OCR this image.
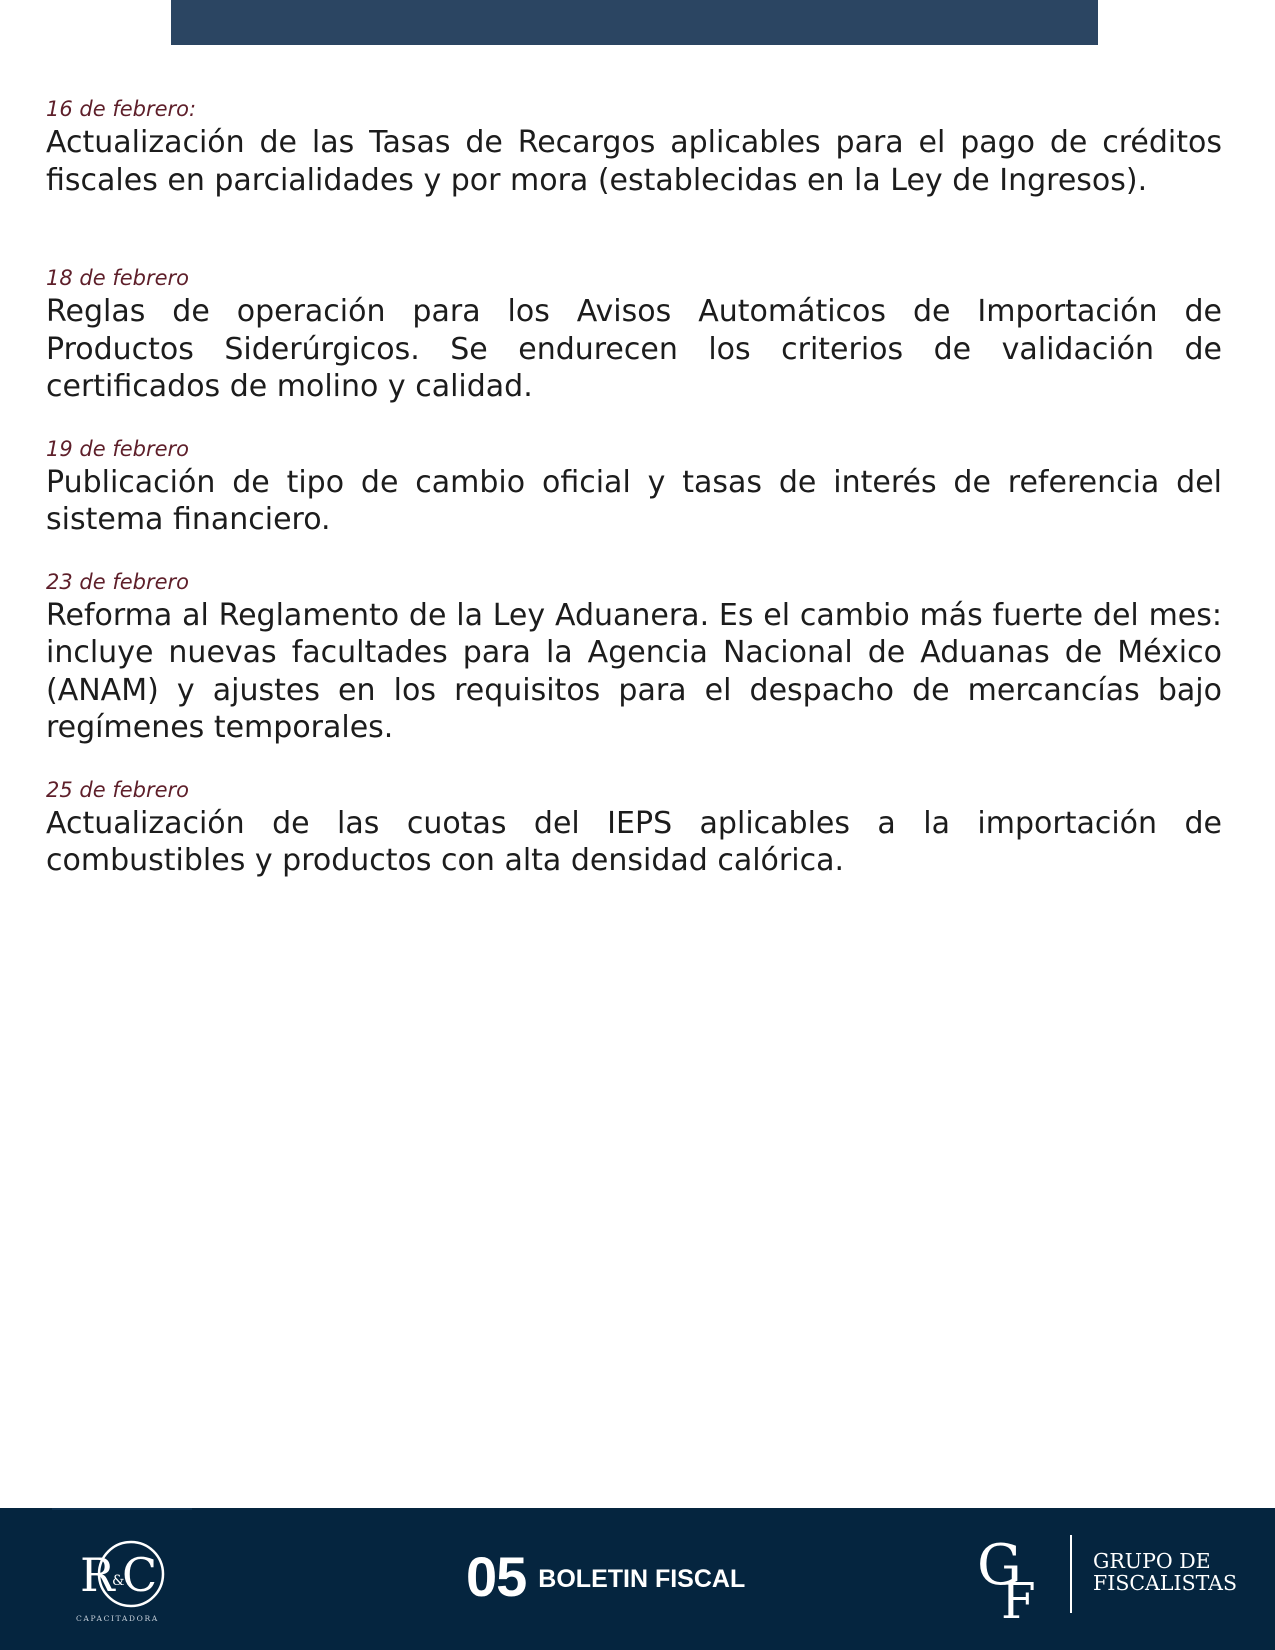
16 de febrero:

Actualización de las Tasas de Recargos aplicables para el pago de créditos fiscales en parcialidades y por mora (establecidas en la Ley de Ingresos).

18 de febrero

Reglas de operación para los Avisos Automáticos de Importación de Productos Siderúrgicos. Se endurecen los criterios de validación de certificados de molino y calidad.

19 de febrero

Publicación de tipo de cambio oficial y tasas de interés de referencia del sistema financiero.

23 de febrero

Reforma al Reglamento de la Ley Aduanera. Es el cambio más fuerte del mes: incluye nuevas facultades para la Agencia Nacional de Aduanas de México (ANAM) y ajustes en los requisitos para el despacho de mercancías bajo regímenes temporales.

25 de febrero

Actualización de las cuotas del IEPS aplicables a la importación de combustibles y productos con alta densidad calórica.

R
&
C
CAPACITADORA
05 BOLETIN FISCAL	G
F
GRUPO DE
FISCALISTAS
